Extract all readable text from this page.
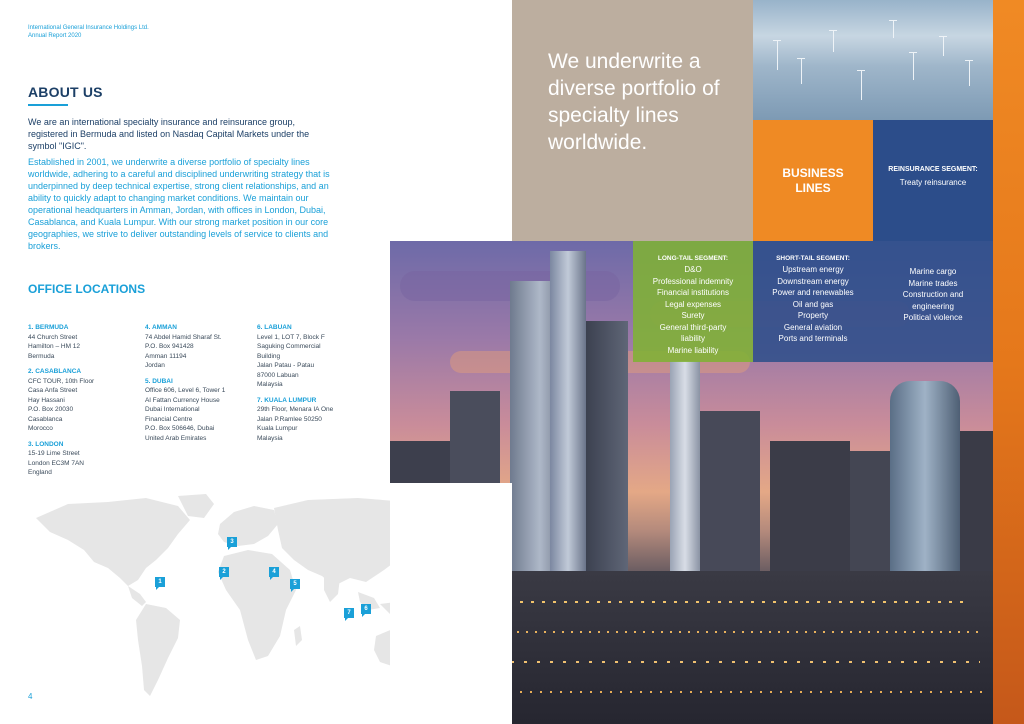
International General Insurance Holdings Ltd.
Annual Report 2020
ABOUT US

We are an international specialty insurance and reinsurance group, registered in Bermuda and listed on Nasdaq Capital Markets under the symbol "IGIC".

Established in 2001, we underwrite a diverse portfolio of specialty lines worldwide, adhering to a careful and disciplined underwriting strategy that is underpinned by deep technical expertise, strong client relationships, and an ability to quickly adapt to changing market conditions. We maintain our operational headquarters in Amman, Jordan, with offices in London, Dubai, Casablanca, and Kuala Lumpur. With our strong market position in our core geographies, we strive to deliver outstanding levels of service to clients and brokers.

OFFICE LOCATIONS
1. BERMUDA
44 Church Street
Hamilton – HM 12
Bermuda
2. CASABLANCA
CFC TOUR, 10th Floor
Casa Anfa Street
Hay Hassani
P.O. Box 20030
Casablanca
Morocco
3. LONDON
15-19 Lime Street
London EC3M 7AN
England
4. AMMAN
74 Abdel Hamid Sharaf St.
P.O. Box 941428
Amman 11194
Jordan
5. DUBAI
Office 606, Level 6, Tower 1
Al Fattan Currency House
Dubai International
Financial Centre
P.O. Box 506646, Dubai
United Arab Emirates
6. LABUAN
Level 1, LOT 7, Block F
Saguking Commercial
Building
Jalan Patau - Patau
87000 Labuan
Malaysia
7. KUALA LUMPUR
29th Floor, Menara IA One
Jalan P.Ramlee 50250
Kuala Lumpur
Malaysia
1
2
3
4
5
6
7
4
We underwrite a diverse portfolio of specialty lines worldwide.
BUSINESS
LINES
REINSURANCE SEGMENT:
Treaty reinsurance
LONG-TAIL SEGMENT:
D&O
Professional indemnity
Financial institutions
Legal expenses
Surety
General third-party liability
Marine liability
SHORT-TAIL SEGMENT:
Upstream energy
Downstream energy
Power and renewables
Oil and gas
Property
General aviation
Ports and terminals
Marine cargo
Marine trades
Construction and engineering
Political violence
